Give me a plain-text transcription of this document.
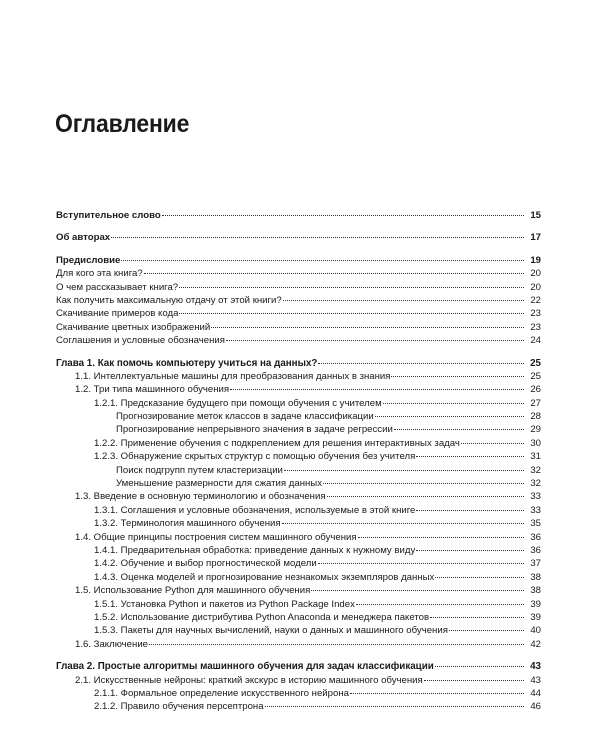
Оглавление
Вступительное слово	15
Об авторах	17
Предисловие	19
Для кого эта книга?	20
О чем рассказывает книга?	20
Как получить максимальную отдачу от этой книги?	22
Скачивание примеров кода	23
Скачивание цветных изображений	23
Соглашения и условные обозначения	24
Глава 1. Как помочь компьютеру учиться на данных?	25
1.1. Интеллектуальные машины для преобразования данных в знания	25
1.2. Три типа машинного обучения	26
1.2.1. Предсказание будущего при помощи обучения с учителем	27
Прогнозирование меток классов в задаче классификации	28
Прогнозирование непрерывного значения в задаче регрессии	29
1.2.2. Применение обучения с подкреплением для решения интерактивных задач	30
1.2.3. Обнаружение скрытых структур с помощью обучения без учителя	31
Поиск подгрупп путем кластеризации	32
Уменьшение размерности для сжатия данных	32
1.3. Введение в основную терминологию и обозначения	33
1.3.1. Соглашения и условные обозначения, используемые в этой книге	33
1.3.2. Терминология машинного обучения	35
1.4. Общие принципы построения систем машинного обучения	36
1.4.1. Предварительная обработка: приведение данных к нужному виду	36
1.4.2. Обучение и выбор прогностической модели	37
1.4.3. Оценка моделей и прогнозирование незнакомых экземпляров данных	38
1.5. Использование Python для машинного обучения	38
1.5.1. Установка Python и пакетов из Python Package Index	39
1.5.2. Использование дистрибутива Python Anaconda и менеджера пакетов	39
1.5.3. Пакеты для научных вычислений, науки о данных и машинного обучения	40
1.6. Заключение	42
Глава 2. Простые алгоритмы машинного обучения для задач классификации	43
2.1. Искусственные нейроны: краткий экскурс в историю машинного обучения	43
2.1.1. Формальное определение искусственного нейрона	44
2.1.2. Правило обучения персептрона	46
